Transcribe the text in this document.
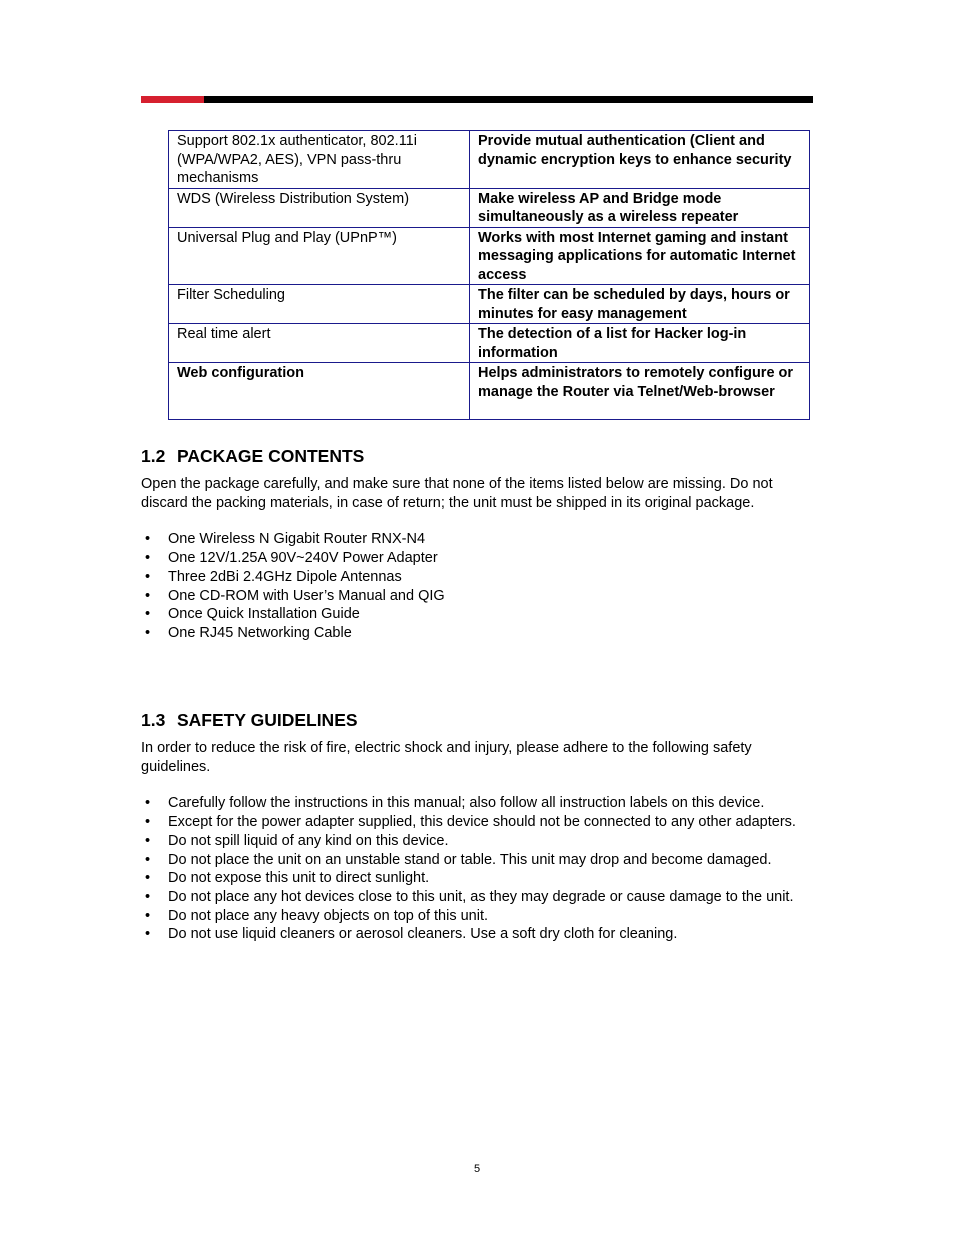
Support 802.1x authenticator, 802.11i (WPA/WPA2, AES), VPN pass-thru mechanisms	Provide mutual authentication (Client and dynamic encryption keys to enhance security
WDS (Wireless Distribution System)	Make wireless AP and Bridge mode simultaneously as a wireless repeater
Universal Plug and Play (UPnP™)	Works with most Internet gaming and instant messaging applications for automatic Internet access
Filter Scheduling	The filter can be scheduled by days, hours or minutes for easy management
Real time alert	The detection of a list for Hacker log-in information
Web configuration	Helps administrators to remotely configure or manage the Router via Telnet/Web-browser
1.2 PACKAGE CONTENTS

Open the package carefully, and make sure that none of the items listed below are missing. Do not discard the packing materials, in case of return; the unit must be shipped in its original package.

• One Wireless N Gigabit Router RNX-N4
• One 12V/1.25A 90V~240V Power Adapter
• Three 2dBi 2.4GHz Dipole Antennas
• One CD-ROM with User’s Manual and QIG
• Once Quick Installation Guide
• One RJ45 Networking Cable
1.3 SAFETY GUIDELINES

In order to reduce the risk of fire, electric shock and injury, please adhere to the following safety guidelines.

• Carefully follow the instructions in this manual; also follow all instruction labels on this device.
• Except for the power adapter supplied, this device should not be connected to any other adapters.
• Do not spill liquid of any kind on this device.
• Do not place the unit on an unstable stand or table. This unit may drop and become damaged.
• Do not expose this unit to direct sunlight.
• Do not place any hot devices close to this unit, as they may degrade or cause damage to the unit.
• Do not place any heavy objects on top of this unit.
• Do not use liquid cleaners or aerosol cleaners. Use a soft dry cloth for cleaning.
5
